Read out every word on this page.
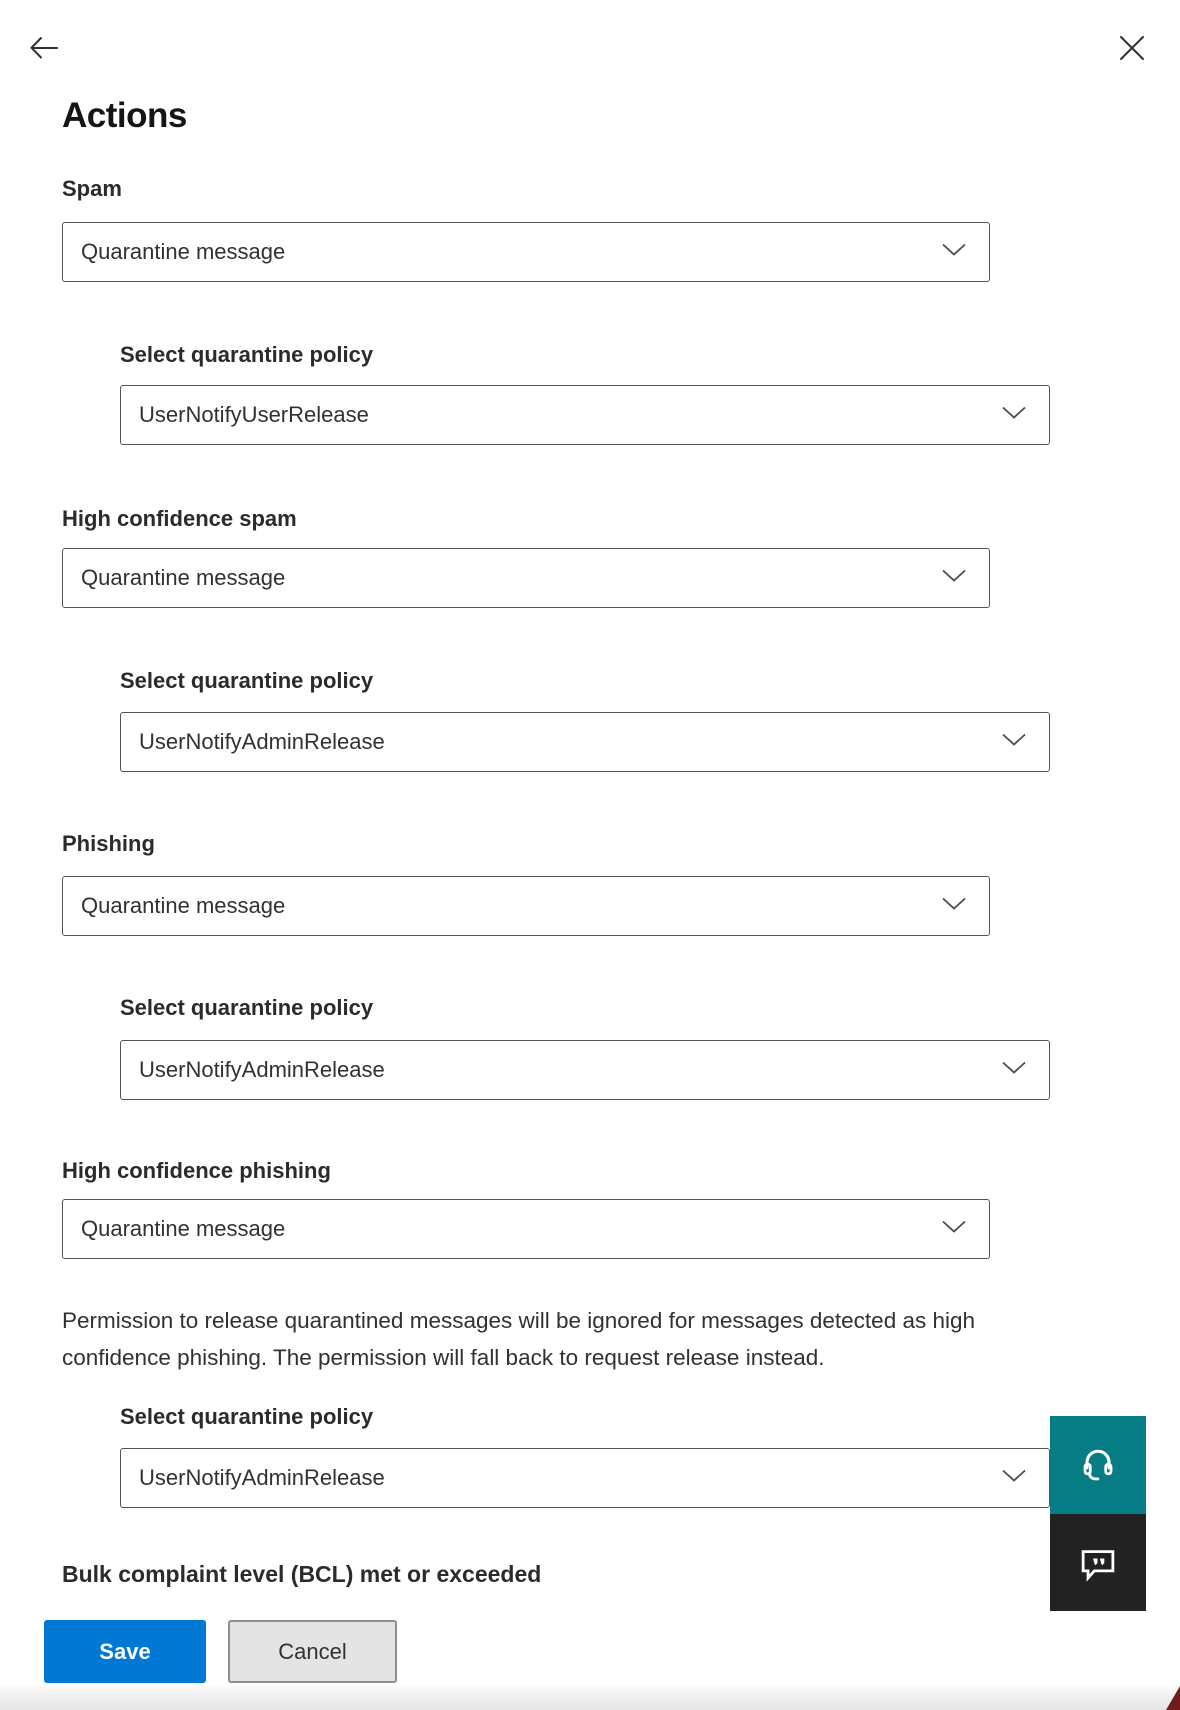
Actions
Spam
Quarantine message
Select quarantine policy
UserNotifyUserRelease
High confidence spam
Quarantine message
Select quarantine policy
UserNotifyAdminRelease
Phishing
Quarantine message
Select quarantine policy
UserNotifyAdminRelease
High confidence phishing
Quarantine message

Permission to release quarantined messages will be ignored for messages detected as high confidence phishing. The permission will fall back to request release instead.

Select quarantine policy
UserNotifyAdminRelease
Bulk complaint level (BCL) met or exceeded
Save	Cancel
